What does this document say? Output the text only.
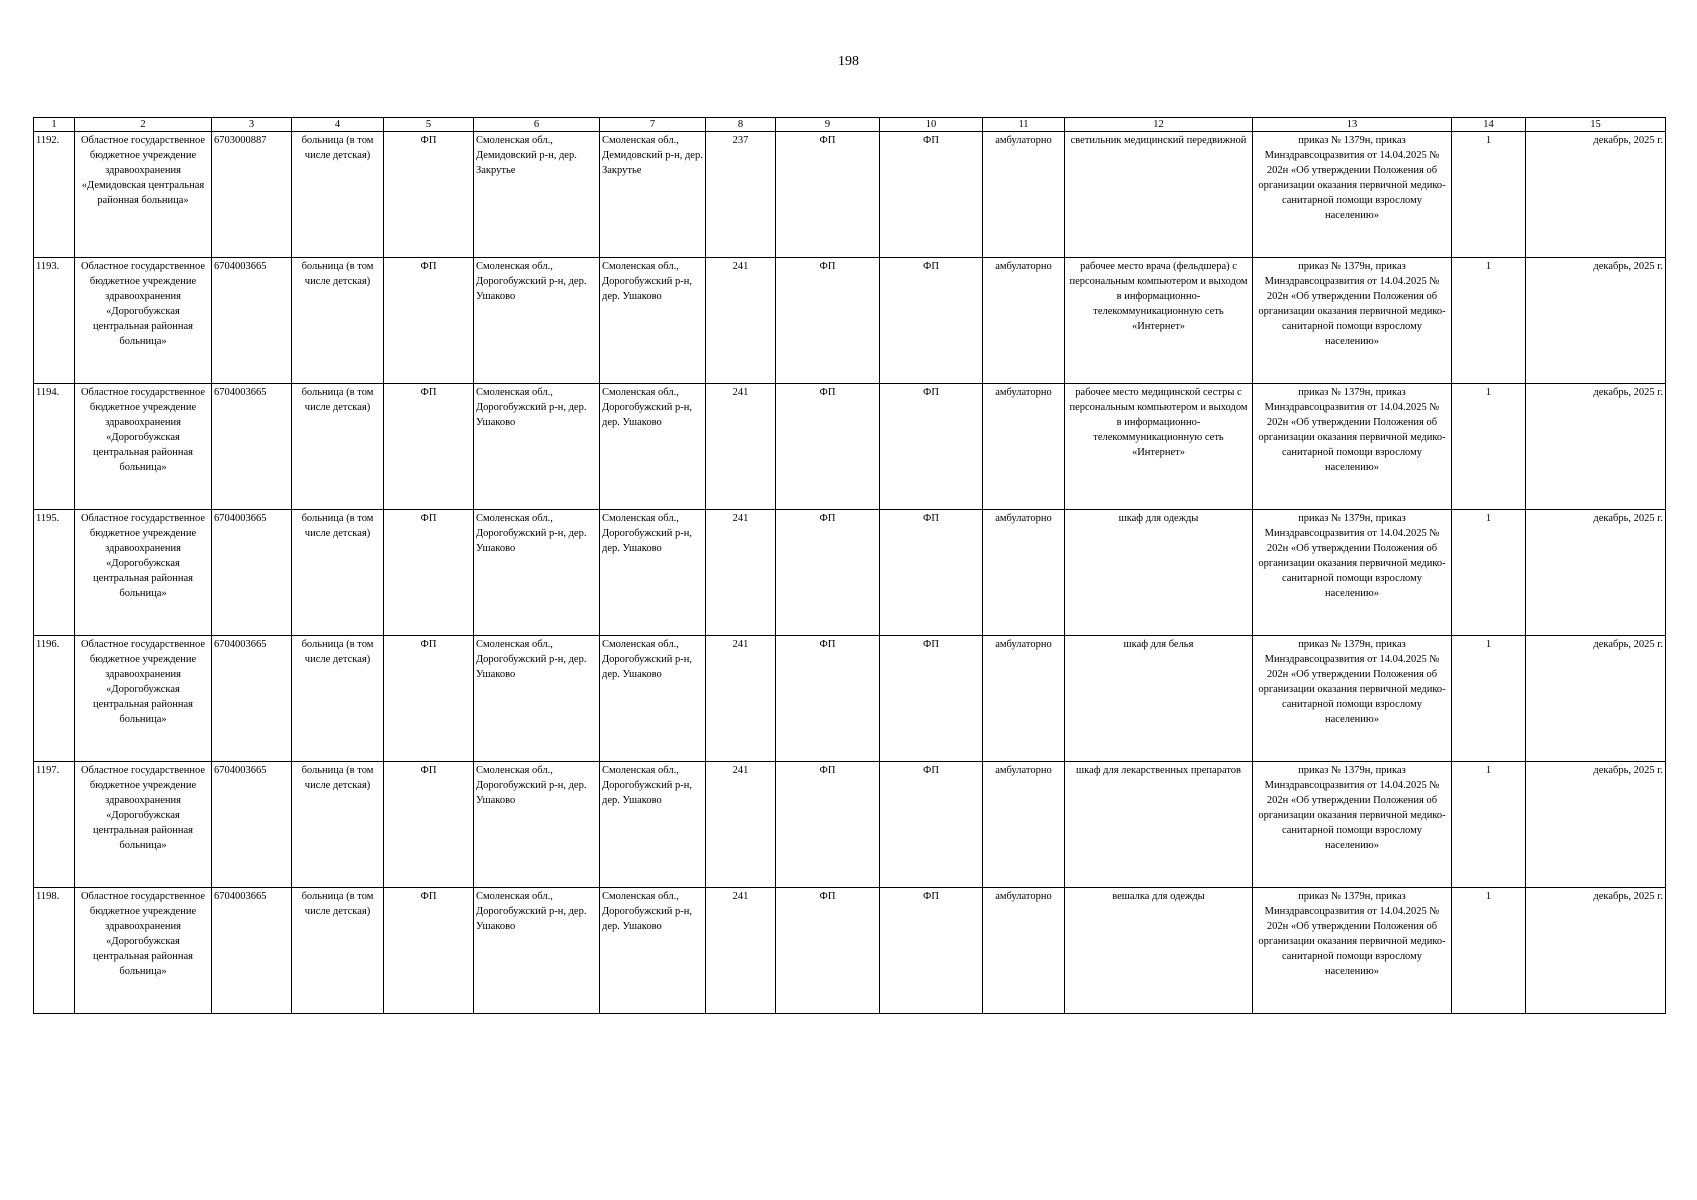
198
1	2	3	4	5	6	7	8	9	10	11	12	13	14	15
1192.	Областное государственное бюджетное учреждение здравоохранения «Демидовская центральная районная больница»	6703000887	больница (в том числе детская)	ФП	Смоленская обл., Демидовский р-н, дер. Закрутье	Смоленская обл., Демидовский р-н, дер. Закрутье	237	ФП	ФП	амбулаторно	светильник медицинский передвижной	приказ № 1379н, приказ Минздравсоцразвития от 14.04.2025 № 202н «Об утверждении Положения об организации оказания первичной медико-санитарной помощи взрослому населению»	1	декабрь, 2025 г.
1193.	Областное государственное бюджетное учреждение здравоохранения «Дорогобужская центральная районная больница»	6704003665	больница (в том числе детская)	ФП	Смоленская обл., Дорогобужский р-н, дер. Ушаково	Смоленская обл., Дорогобужский р-н, дер. Ушаково	241	ФП	ФП	амбулаторно	рабочее место врача (фельдшера) с персональным компьютером и выходом в информационно-телекоммуникационную сеть «Интернет»	приказ № 1379н, приказ Минздравсоцразвития от 14.04.2025 № 202н «Об утверждении Положения об организации оказания первичной медико-санитарной помощи взрослому населению»	1	декабрь, 2025 г.
1194.	Областное государственное бюджетное учреждение здравоохранения «Дорогобужская центральная районная больница»	6704003665	больница (в том числе детская)	ФП	Смоленская обл., Дорогобужский р-н, дер. Ушаково	Смоленская обл., Дорогобужский р-н, дер. Ушаково	241	ФП	ФП	амбулаторно	рабочее место медицинской сестры с персональным компьютером и выходом в информационно-телекоммуникационную сеть «Интернет»	приказ № 1379н, приказ Минздравсоцразвития от 14.04.2025 № 202н «Об утверждении Положения об организации оказания первичной медико-санитарной помощи взрослому населению»	1	декабрь, 2025 г.
1195.	Областное государственное бюджетное учреждение здравоохранения «Дорогобужская центральная районная больница»	6704003665	больница (в том числе детская)	ФП	Смоленская обл., Дорогобужский р-н, дер. Ушаково	Смоленская обл., Дорогобужский р-н, дер. Ушаково	241	ФП	ФП	амбулаторно	шкаф для одежды	приказ № 1379н, приказ Минздравсоцразвития от 14.04.2025 № 202н «Об утверждении Положения об организации оказания первичной медико-санитарной помощи взрослому населению»	1	декабрь, 2025 г.
1196.	Областное государственное бюджетное учреждение здравоохранения «Дорогобужская центральная районная больница»	6704003665	больница (в том числе детская)	ФП	Смоленская обл., Дорогобужский р-н, дер. Ушаково	Смоленская обл., Дорогобужский р-н, дер. Ушаково	241	ФП	ФП	амбулаторно	шкаф для белья	приказ № 1379н, приказ Минздравсоцразвития от 14.04.2025 № 202н «Об утверждении Положения об организации оказания первичной медико-санитарной помощи взрослому населению»	1	декабрь, 2025 г.
1197.	Областное государственное бюджетное учреждение здравоохранения «Дорогобужская центральная районная больница»	6704003665	больница (в том числе детская)	ФП	Смоленская обл., Дорогобужский р-н, дер. Ушаково	Смоленская обл., Дорогобужский р-н, дер. Ушаково	241	ФП	ФП	амбулаторно	шкаф для лекарственных препаратов	приказ № 1379н, приказ Минздравсоцразвития от 14.04.2025 № 202н «Об утверждении Положения об организации оказания первичной медико-санитарной помощи взрослому населению»	1	декабрь, 2025 г.
1198.	Областное государственное бюджетное учреждение здравоохранения «Дорогобужская центральная районная больница»	6704003665	больница (в том числе детская)	ФП	Смоленская обл., Дорогобужский р-н, дер. Ушаково	Смоленская обл., Дорогобужский р-н, дер. Ушаково	241	ФП	ФП	амбулаторно	вешалка для одежды	приказ № 1379н, приказ Минздравсоцразвития от 14.04.2025 № 202н «Об утверждении Положения об организации оказания первичной медико-санитарной помощи взрослому населению»	1	декабрь, 2025 г.
